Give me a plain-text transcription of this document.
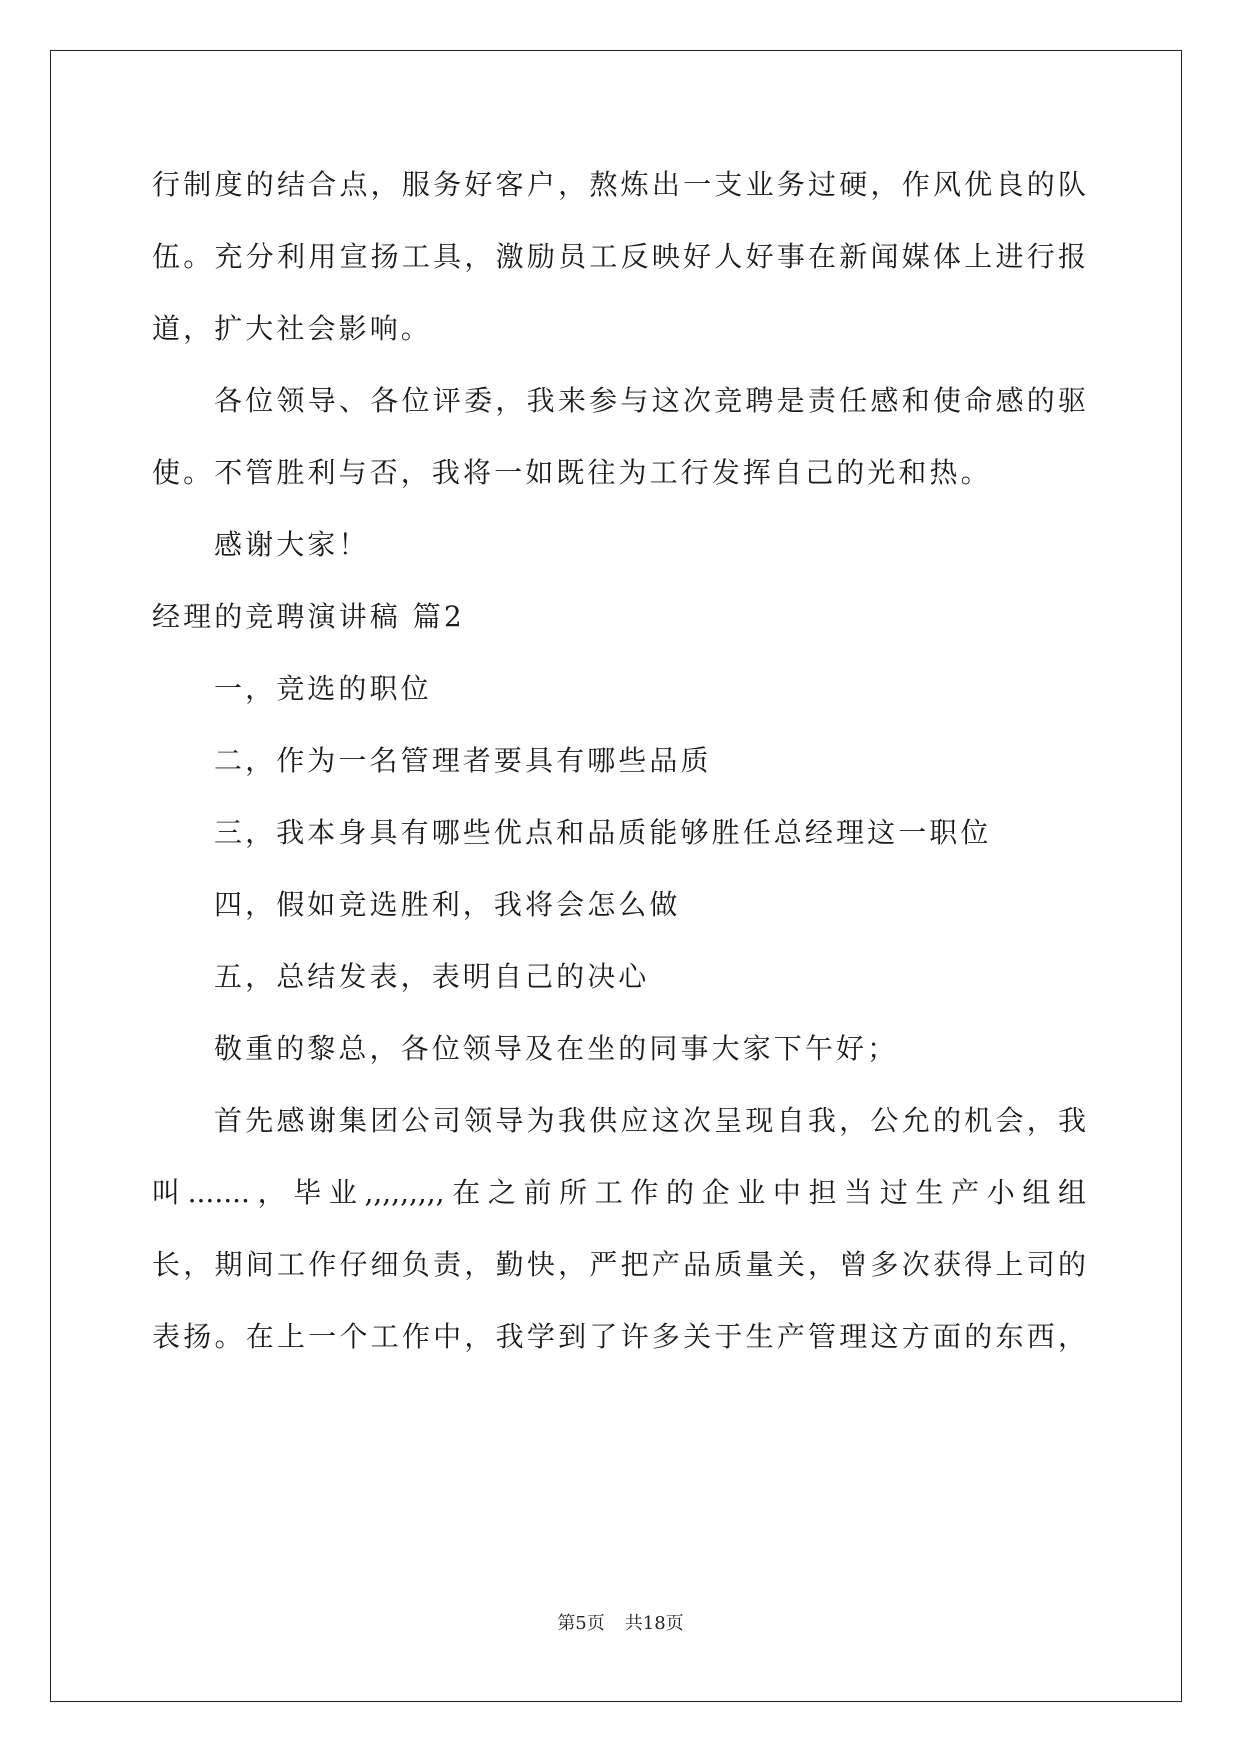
行制度的结合点，服务好客户，熬炼出一支业务过硬，作风优良的队
伍。充分利用宣扬工具，激励员工反映好人好事在新闻媒体上进行报
道，扩大社会影响。
各位领导、各位评委，我来参与这次竞聘是责任感和使命感的驱
使。不管胜利与否，我将一如既往为工行发挥自己的光和热。
感谢大家！
经理的竞聘演讲稿 篇2
一，竞选的职位
二，作为一名管理者要具有哪些品质
三，我本身具有哪些优点和品质能够胜任总经理这一职位
四，假如竞选胜利，我将会怎么做
五，总结发表，表明自己的决心
敬重的黎总，各位领导及在坐的同事大家下午好；
首先感谢集团公司领导为我供应这次呈现自我，公允的机会，我
叫.......，毕业,,,,,,,,,在之前所工作的企业中担当过生产小组组
长，期间工作仔细负责，勤快，严把产品质量关，曾多次获得上司的
表扬。在上一个工作中，我学到了许多关于生产管理这方面的东西，
第5页 共18页
